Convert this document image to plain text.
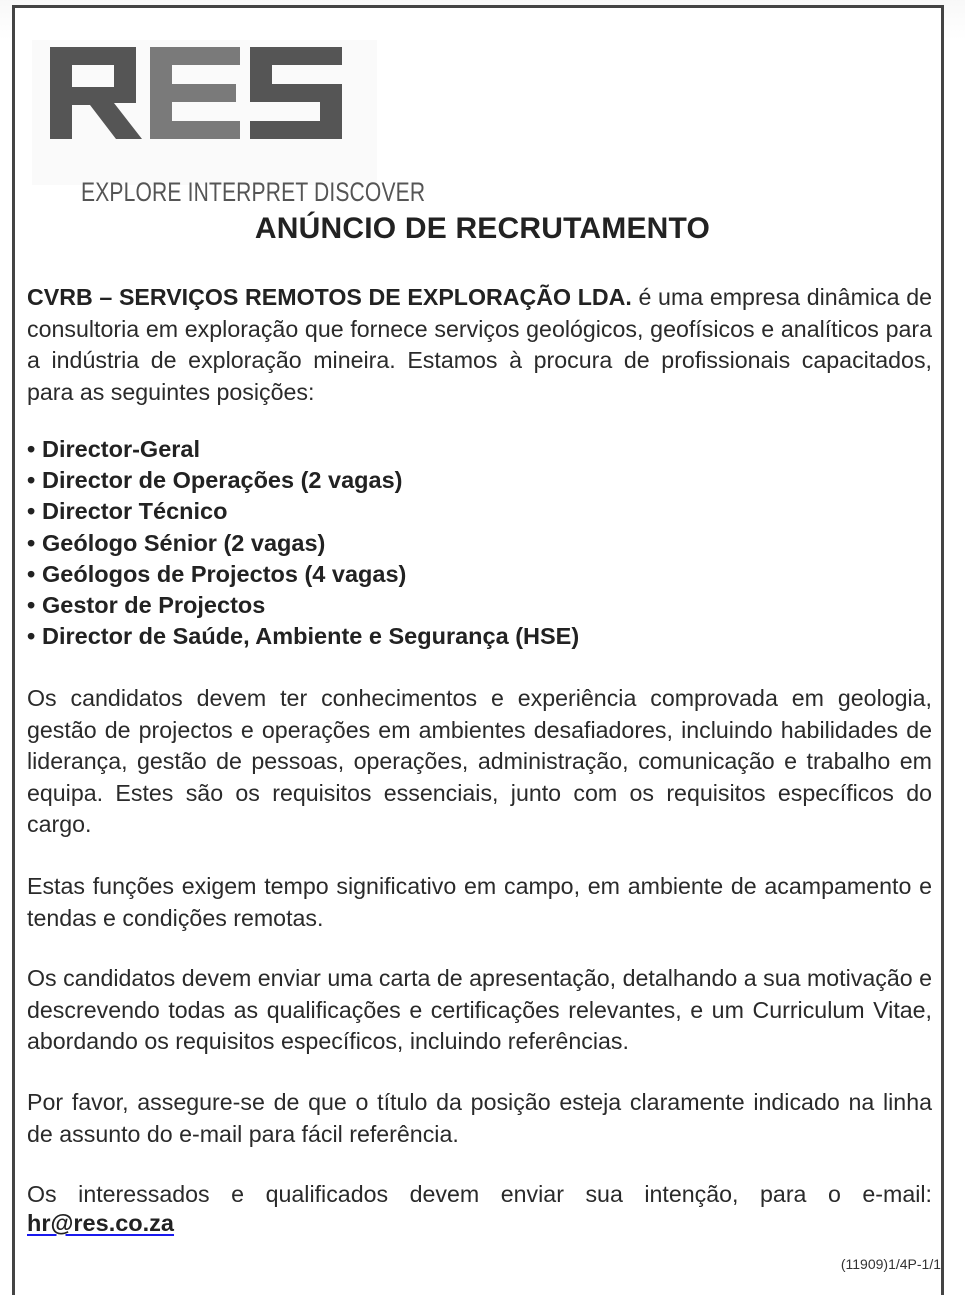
EXPLORE INTERPRET DISCOVER
ANÚNCIO DE RECRUTAMENTO
CVRB – SERVIÇOS REMOTOS DE EXPLORAÇÃO LDA. é uma empresa dinâmica de consultoria em exploração que fornece serviços geológicos, geofísicos e analíticos para a indústria de exploração mineira. Estamos à procura de profissionais capacitados, para as seguintes posições:
• Director-Geral
• Director de Operações (2 vagas)
• Director Técnico
• Geólogo Sénior (2 vagas)
• Geólogos de Projectos (4 vagas)
• Gestor de Projectos
• Director de Saúde, Ambiente e Segurança (HSE)
Os candidatos devem ter conhecimentos e experiência comprovada em geologia, gestão de projectos e operações em ambientes desafiadores, incluindo habilidades de liderança, gestão de pessoas, operações, administração, comunicação e trabalho em equipa. Estes são os requisitos essenciais, junto com os requisitos específicos do cargo.
Estas funções exigem tempo significativo em campo, em ambiente de acampamento e tendas e condições remotas.
Os candidatos devem enviar uma carta de apresentação, detalhando a sua motivação e descrevendo todas as qualificações e certificações relevantes, e um Curriculum Vitae, abordando os requisitos específicos, incluindo referências.
Por favor, assegure-se de que o título da posição esteja claramente indicado na linha de assunto do e-mail para fácil referência.
Os interessados e qualificados devem enviar sua intenção, para o e-mail:
hr@res.co.za
(11909)1/4P-1/1
